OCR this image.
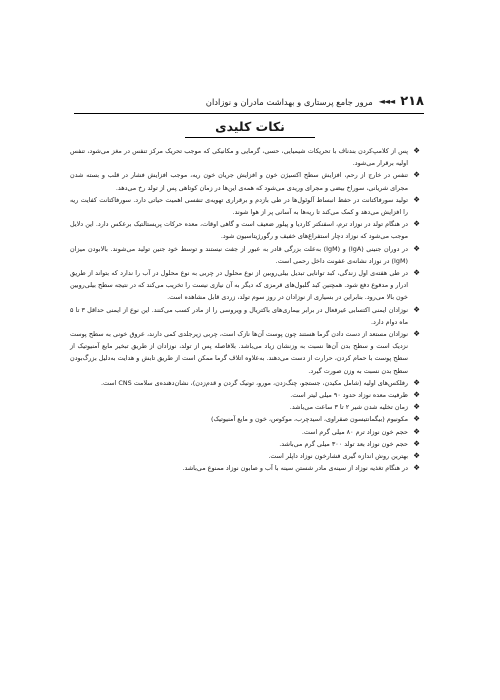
۲۱۸
◄◄◄
مرور جامع پرستاری و بهداشت مادران و نوزادان
نکات کلیدی
❖
پس از کلامپ‌کردن بندناف با تحریکات شیمیایی، حسی، گرمایی و مکانیکی که موجب تحریک مرکز تنفس در مغز می‌شود، تنفس اولیه برقرار می‌شود.
❖
تنفس در خارج از رحم، افزایش سطح اکسیژن خون و افزایش جریان خون ریه، موجب افزایش فشار در قلب و بسته شدن مجرای شریانی، سوراخ بیضی و مجرای وریدی می‌شود که همه‌ی این‌ها در زمان کوتاهی پس از تولد رخ می‌دهد.
❖
تولید سورفاکتانت در حفظ انبساط آلوئول‌ها در طی بازدم و برقراری تهویه‌ی تنفسی اهمیت حیاتی دارد. سورفاکتانت کفایت ریه را افزایش می‌دهد و کمک می‌کند تا ریه‌ها به آسانی پر از هوا شوند.
❖
در هنگام تولد در نوزاد ترم، اسفنکتر کاردیا و پیلور ضعیف است و گاهی اوقات، معده حرکات پریستالتیک برعکس دارد. این دلایل موجب می‌شود که نوزاد دچار استفراغ‌های خفیف و رگورژیتاسیون شود.
❖
در دوران جنینی (IgA) و (IgM) به‌علت بزرگی قادر به عبور از جفت نیستند و توسط خود جنین تولید می‌شوند. بالابودن میزان (IgM) در نوزاد نشانه‌ی عفونت داخل رحمی است.
❖
در طی هفته‌ی اول زندگی، کبد توانایی تبدیل بیلی‌روبین از نوع محلول در چربی به نوع محلول در آب را ندارد که بتواند از طریق ادرار و مدفوع دفع شود. همچنین کبد گلبول‌های قرمزی که دیگر به آن نیازی نیست را تخریب می‌کند که در نتیجه سطح بیلی‌روبین خون بالا می‌رود. بنابراین در بسیاری از نوزادان در روز سوم تولد، زردی قابل مشاهده است.
❖
نوزادان ایمنی اکتسابی غیرفعال در برابر بیماری‌های باکتریال و ویروسی را از مادر کسب می‌کنند. این نوع از ایمنی حداقل ۳ تا ۵ ماه دوام دارد.
❖
نوزادان مستعد از دست دادن گرما هستند چون پوست آن‌ها نازک است، چربی زیرجلدی کمی دارند، عروق خونی به سطح پوست نزدیک است و سطح بدن آن‌ها نسبت به وزنشان زیاد می‌باشد. بلافاصله پس از تولد، نوزادان از طریق تبخیر مایع آمنیوتیک از سطح پوست با حمام کردن، حرارت از دست می‌دهند. به‌علاوه اتلاف گرما ممکن است از طریق تابش و هدایت به‌دلیل بزرگ‌بودن سطح بدن نسبت به وزن صورت گیرد.
❖
رفلکس‌های اولیه (شامل مکیدن، جستجو، چنگ‌زدن، مورو، تونیک گردن و قدم‌زدن)، نشان‌دهنده‌ی سلامت CNS است.
❖
ظرفیت معده نوزاد حدود ۹۰ میلی لیتر است.
❖
زمان تخلیه شدن شیر ۲ تا ۳ ساعت می‌باشد.
❖
مکونیوم (بیگمانتیسون صفراوی، اسیدچرب، موکوس، خون و مایع آمنیوتیک)
❖
حجم خون نوزاد ترم ۸۰ میلی گرم است.
❖
حجم خون نوزاد بعد تولد ۳۰۰ میلی گرم می‌باشد.
❖
بهترین روش اندازه گیری فشارخون نوزاد داپلر است.
❖
در هنگام تغذیه نوزاد از سینه‌ی مادر شستن سینه با آب و صابون نوزاد ممنوع می‌باشد.
